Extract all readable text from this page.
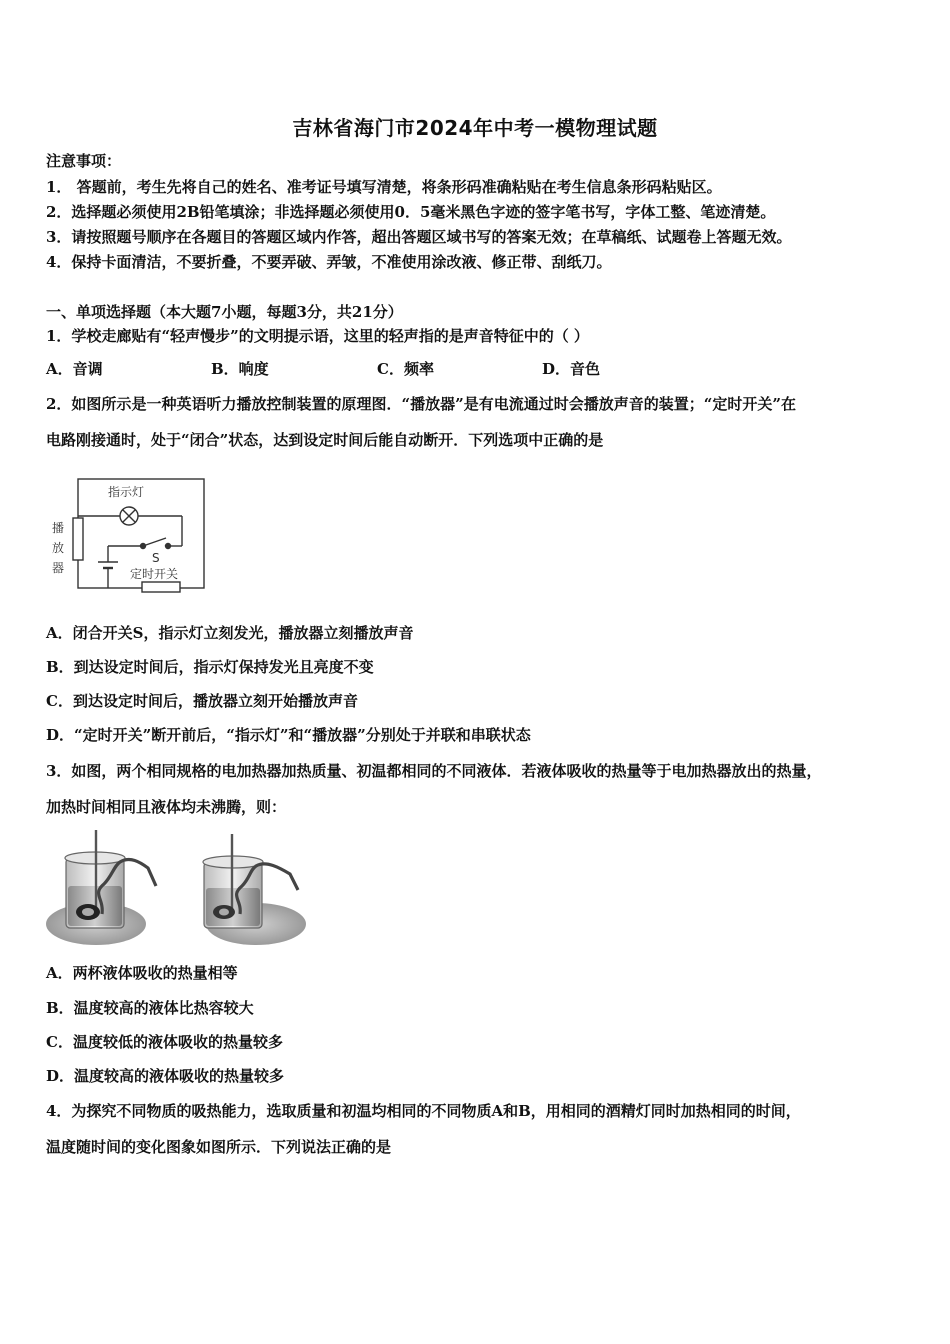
吉林省海门市2024年中考一模物理试题
注意事项：
1． 答题前，考生先将自己的姓名、准考证号填写清楚，将条形码准确粘贴在考生信息条形码粘贴区。
2．选择题必须使用2B铅笔填涂；非选择题必须使用0．5毫米黑色字迹的签字笔书写，字体工整、笔迹清楚。
3．请按照题号顺序在各题目的答题区域内作答，超出答题区域书写的答案无效；在草稿纸、试题卷上答题无效。
4．保持卡面清洁，不要折叠，不要弄破、弄皱，不准使用涂改液、修正带、刮纸刀。
一、单项选择题（本大题7小题，每题3分，共21分）
1．学校走廊贴有“轻声慢步”的文明提示语，这里的轻声指的是声音特征中的（ ）
A．音调	B．响度	C．频率	D．音色
2．如图所示是一种英语听力播放控制装置的原理图．“播放器”是有电流通过时会播放声音的装置；“定时开关”在
电路刚接通时，处于“闭合”状态，达到设定时间后能自动断开．下列选项中正确的是
指示灯
S
定时开关
播
放
器
A．闭合开关S，指示灯立刻发光，播放器立刻播放声音
B．到达设定时间后，指示灯保持发光且亮度不变
C．到达设定时间后，播放器立刻开始播放声音
D．“定时开关”断开前后，“指示灯”和“播放器”分别处于并联和串联状态
3．如图，两个相同规格的电加热器加热质量、初温都相同的不同液体．若液体吸收的热量等于电加热器放出的热量，
加热时间相同且液体均未沸腾，则：
A．两杯液体吸收的热量相等
B．温度较高的液体比热容较大
C．温度较低的液体吸收的热量较多
D．温度较高的液体吸收的热量较多
4．为探究不同物质的吸热能力，选取质量和初温均相同的不同物质A和B，用相同的酒精灯同时加热相同的时间，
温度随时间的变化图象如图所示．下列说法正确的是
